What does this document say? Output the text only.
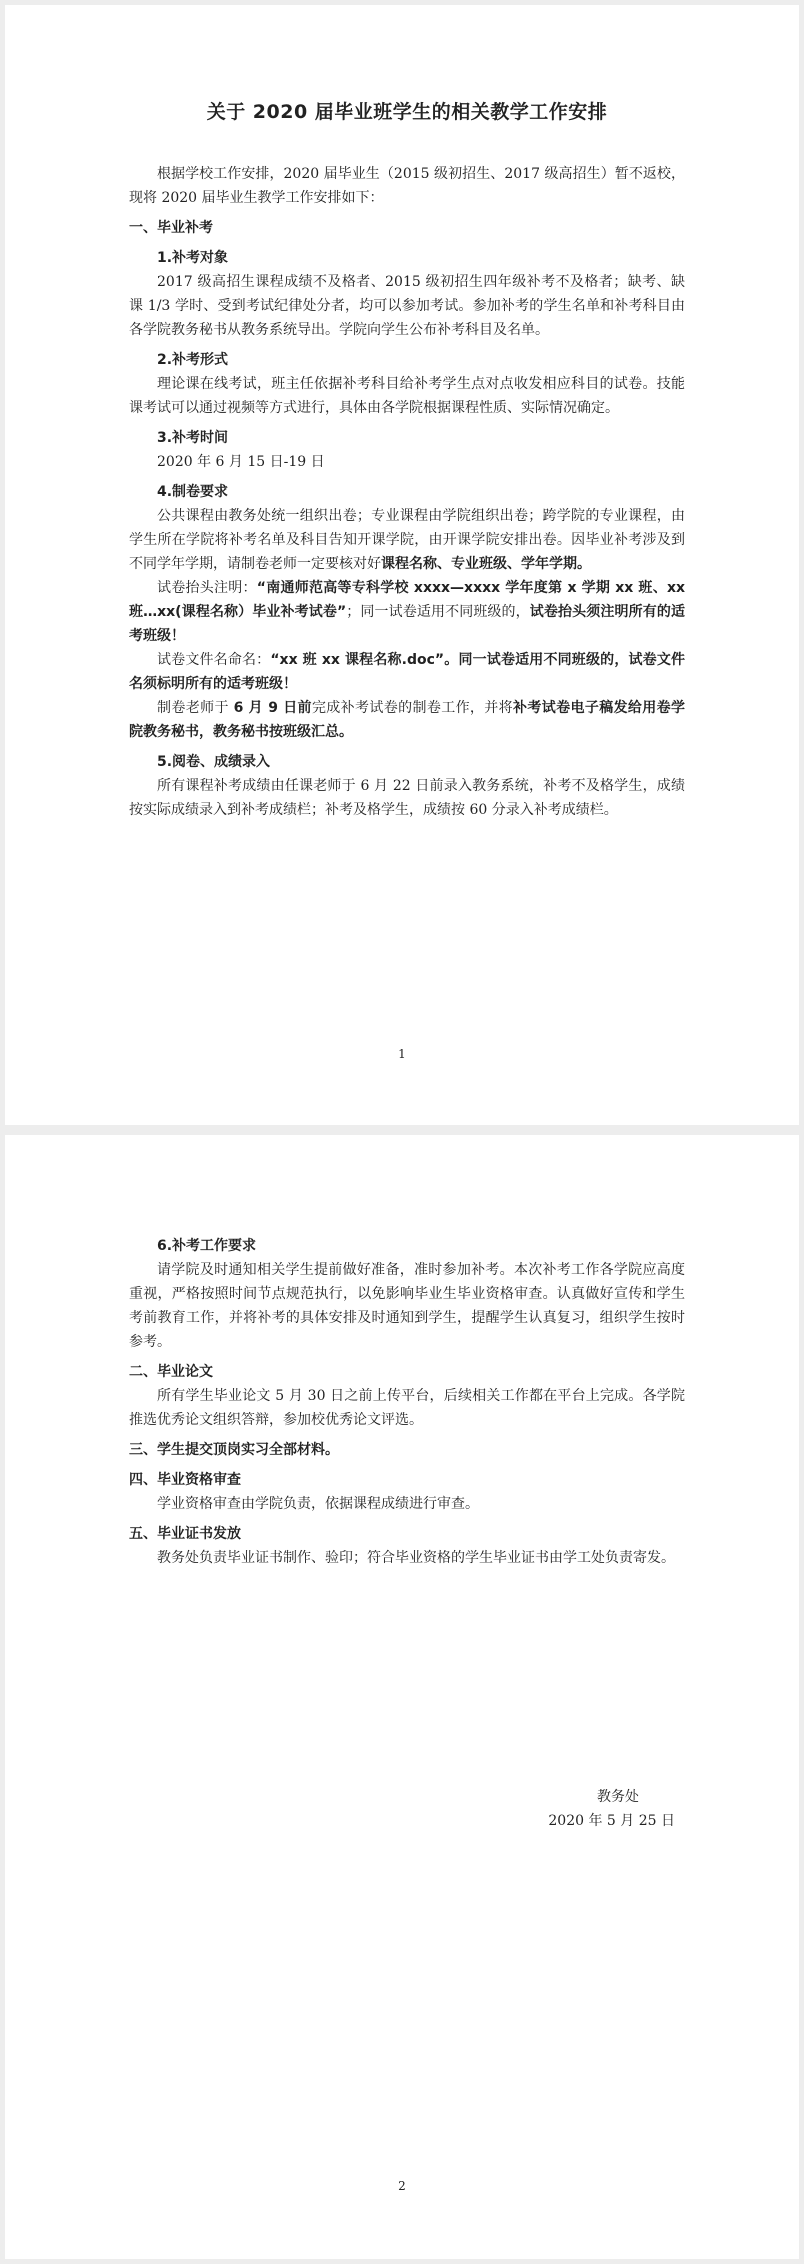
关于 2020 届毕业班学生的相关教学工作安排

根据学校工作安排，2020 届毕业生（2015 级初招生、2017 级高招生）暂不返校，现将 2020 届毕业生教学工作安排如下：

一、毕业补考
1.补考对象

2017 级高招生课程成绩不及格者、2015 级初招生四年级补考不及格者；缺考、缺课 1/3 学时、受到考试纪律处分者，均可以参加考试。参加补考的学生名单和补考科目由各学院教务秘书从教务系统导出。学院向学生公布补考科目及名单。

2.补考形式

理论课在线考试，班主任依据补考科目给补考学生点对点收发相应科目的试卷。技能课考试可以通过视频等方式进行，具体由各学院根据课程性质、实际情况确定。

3.补考时间

2020 年 6 月 15 日-19 日

4.制卷要求

公共课程由教务处统一组织出卷；专业课程由学院组织出卷；跨学院的专业课程，由学生所在学院将补考名单及科目告知开课学院，由开课学院安排出卷。因毕业补考涉及到不同学年学期，请制卷老师一定要核对好课程名称、专业班级、学年学期。

试卷抬头注明：“南通师范高等专科学校 xxxx—xxxx 学年度第 x 学期 xx 班、xx 班…xx(课程名称）毕业补考试卷”；同一试卷适用不同班级的，试卷抬头须注明所有的适考班级！

试卷文件名命名：“xx 班 xx 课程名称.doc”。同一试卷适用不同班级的，试卷文件名须标明所有的适考班级！

制卷老师于 6 月 9 日前完成补考试卷的制卷工作，并将补考试卷电子稿发给用卷学院教务秘书，教务秘书按班级汇总。

5.阅卷、成绩录入

所有课程补考成绩由任课老师于 6 月 22 日前录入教务系统，补考不及格学生，成绩按实际成绩录入到补考成绩栏；补考及格学生，成绩按 60 分录入补考成绩栏。

1
6.补考工作要求

请学院及时通知相关学生提前做好准备，准时参加补考。本次补考工作各学院应高度重视，严格按照时间节点规范执行，以免影响毕业生毕业资格审查。认真做好宣传和学生考前教育工作，并将补考的具体安排及时通知到学生，提醒学生认真复习，组织学生按时参考。

二、毕业论文

所有学生毕业论文 5 月 30 日之前上传平台，后续相关工作都在平台上完成。各学院推选优秀论文组织答辩，参加校优秀论文评选。

三、学生提交顶岗实习全部材料。
四、毕业资格审查

学业资格审查由学院负责，依据课程成绩进行审查。

五、毕业证书发放

教务处负责毕业证书制作、验印；符合毕业资格的学生毕业证书由学工处负责寄发。

教务处
2020 年 5 月 25 日
2
